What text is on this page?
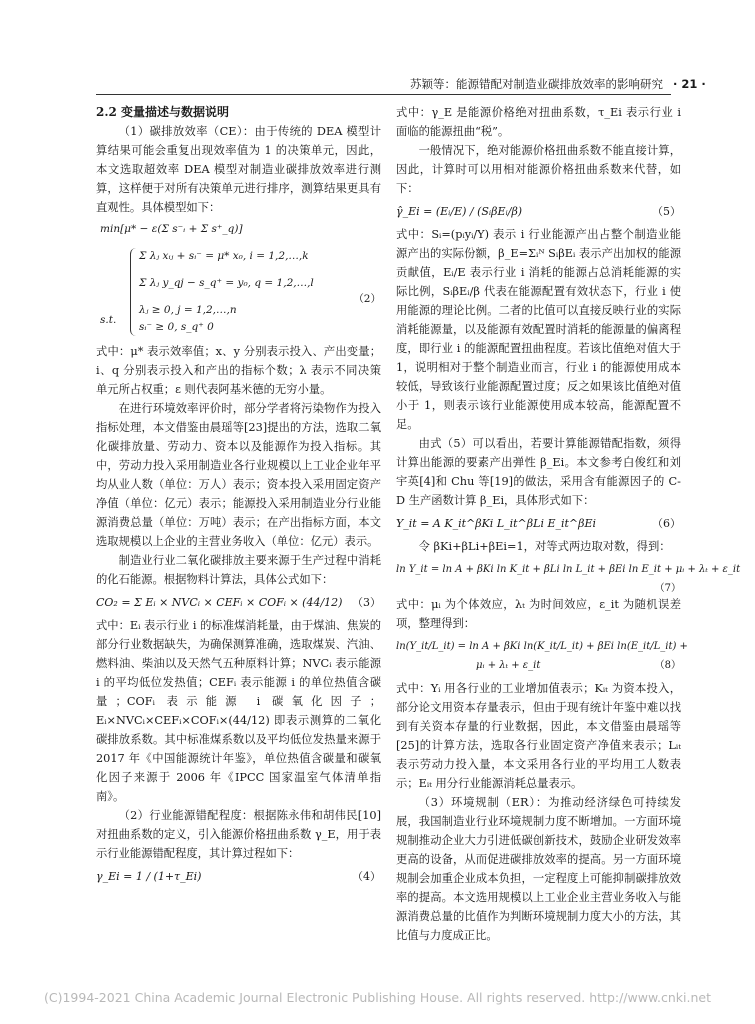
苏颖等：能源错配对制造业碳排放效率的影响研究 · 21 ·

2.2 变量描述与数据说明

（1）碳排放效率（CE）：由于传统的 DEA 模型计算结果可能会重复出现效率值为 1 的决策单元，因此，本文选取超效率 DEA 模型对制造业碳排放效率进行测算，这样便于对所有决策单元进行排序，测算结果更具有直观性。具体模型如下：

min[μ* − ε(Σ s⁻ᵢ + Σ s⁺_q)]
s.t.
Σ λⱼ xᵢⱼ + sᵢ⁻ = μ* x₀, i = 1,2,…,k
Σ λⱼ y_qj − s_q⁺ = y₀, q = 1,2,…,l
λⱼ ≥ 0, j = 1,2,…,n
sᵢ⁻ ≥ 0, s_q⁺ 0
（2）

式中：μ* 表示效率值；x、y 分别表示投入、产出变量；i、q 分别表示投入和产出的指标个数；λ 表示不同决策单元所占权重；ε 则代表阿基米德的无穷小量。

在进行环境效率评价时，部分学者将污染物作为投入指标处理，本文借鉴由晨瑶等[23]提出的方法，选取二氧化碳排放量、劳动力、资本以及能源作为投入指标。其中，劳动力投入采用制造业各行业规模以上工业企业年平均从业人数（单位：万人）表示；资本投入采用固定资产净值（单位：亿元）表示；能源投入采用制造业分行业能源消费总量（单位：万吨）表示；在产出指标方面，本文选取规模以上企业的主营业务收入（单位：亿元）表示。

制造业行业二氧化碳排放主要来源于生产过程中消耗的化石能源。根据物料计算法，具体公式如下：

CO₂ = Σ Eᵢ × NVCᵢ × CEFᵢ × COFᵢ × (44/12) （3）

式中：Eᵢ 表示行业 i 的标准煤消耗量，由于煤油、焦炭的部分行业数据缺失，为确保测算准确，选取煤炭、汽油、燃料油、柴油以及天然气五种原料计算；NVCᵢ 表示能源 i 的平均低位发热值；CEFᵢ 表示能源 i 的单位热值含碳量；COFᵢ 表示能源 i 碳氧化因子；Eᵢ×NVCᵢ×CEFᵢ×COFᵢ×(44/12) 即表示测算的二氧化碳排放系数。其中标准煤系数以及平均低位发热量来源于 2017 年《中国能源统计年鉴》，单位热值含碳量和碳氧化因子来源于 2006 年《IPCC 国家温室气体清单指南》。

（2）行业能源错配程度：根据陈永伟和胡伟民[10]对扭曲系数的定义，引入能源价格扭曲系数 γ_E，用于表示行业能源错配程度，其计算过程如下：

γ_Ei = 1 / (1+τ_Ei)	（4）

式中：γ_E 是能源价格绝对扭曲系数，τ_Ei 表示行业 i 面临的能源扭曲“税”。

一般情况下，绝对能源价格扭曲系数不能直接计算，因此，计算时可以用相对能源价格扭曲系数来代替，如下：

γ̂_Ei = (Eᵢ/E) / (SᵢβEᵢ/β)	（5）

式中：Sᵢ=(pᵢyᵢ/Y) 表示 i 行业能源产出占整个制造业能源产出的实际份额，β_E=Σᵢᴺ SᵢβEᵢ 表示产出加权的能源贡献值，Eᵢ/E 表示行业 i 消耗的能源占总消耗能源的实际比例，SᵢβEᵢ/β 代表在能源配置有效状态下，行业 i 使用能源的理论比例。二者的比值可以直接反映行业的实际消耗能源量，以及能源有效配置时消耗的能源量的偏离程度，即行业 i 的能源配置扭曲程度。若该比值绝对值大于 1，说明相对于整个制造业而言，行业 i 的能源使用成本较低，导致该行业能源配置过度；反之如果该比值绝对值小于 1，则表示该行业能源使用成本较高，能源配置不足。

由式（5）可以看出，若要计算能源错配指数，须得计算出能源的要素产出弹性 β_Ei。本文参考白俊红和刘宇英[4]和 Chu 等[19]的做法，采用含有能源因子的 C-D 生产函数计算 β_Ei，具体形式如下：

Y_it = A K_it^βKi L_it^βLi E_it^βEi	（6）

令 βKi+βLi+βEi=1，对等式两边取对数，得到：

ln Y_it = ln A + βKi ln K_it + βLi ln L_it + βEi ln E_it + μᵢ + λₜ + ε_it
（7）

式中：μᵢ 为个体效应，λₜ 为时间效应，ε_it 为随机误差项，整理得到：

ln(Y_it/L_it) = ln A + βKi ln(K_it/L_it) + βEi ln(E_it/L_it) +
μᵢ + λₜ + ε_it	（8）

式中：Yᵢ 用各行业的工业增加值表示；Kᵢₜ 为资本投入，部分论文用资本存量表示，但由于现有统计年鉴中难以找到有关资本存量的行业数据，因此，本文借鉴由晨瑶等[25]的计算方法，选取各行业固定资产净值来表示；Lᵢₜ 表示劳动力投入量，本文采用各行业的平均用工人数表示；Eᵢₜ 用分行业能源消耗总量表示。

（3）环境规制（ER）：为推动经济绿色可持续发展，我国制造业行业环境规制力度不断增加。一方面环境规制推动企业大力引进低碳创新技术，鼓励企业研发效率更高的设备，从而促进碳排放效率的提高。另一方面环境规制会加重企业成本负担，一定程度上可能抑制碳排放效率的提高。本文选用规模以上工业企业主营业务收入与能源消费总量的比值作为判断环境规制力度大小的方法，其比值与力度成正比。

(C)1994-2021 China Academic Journal Electronic Publishing House. All rights reserved. http://www.cnki.net
